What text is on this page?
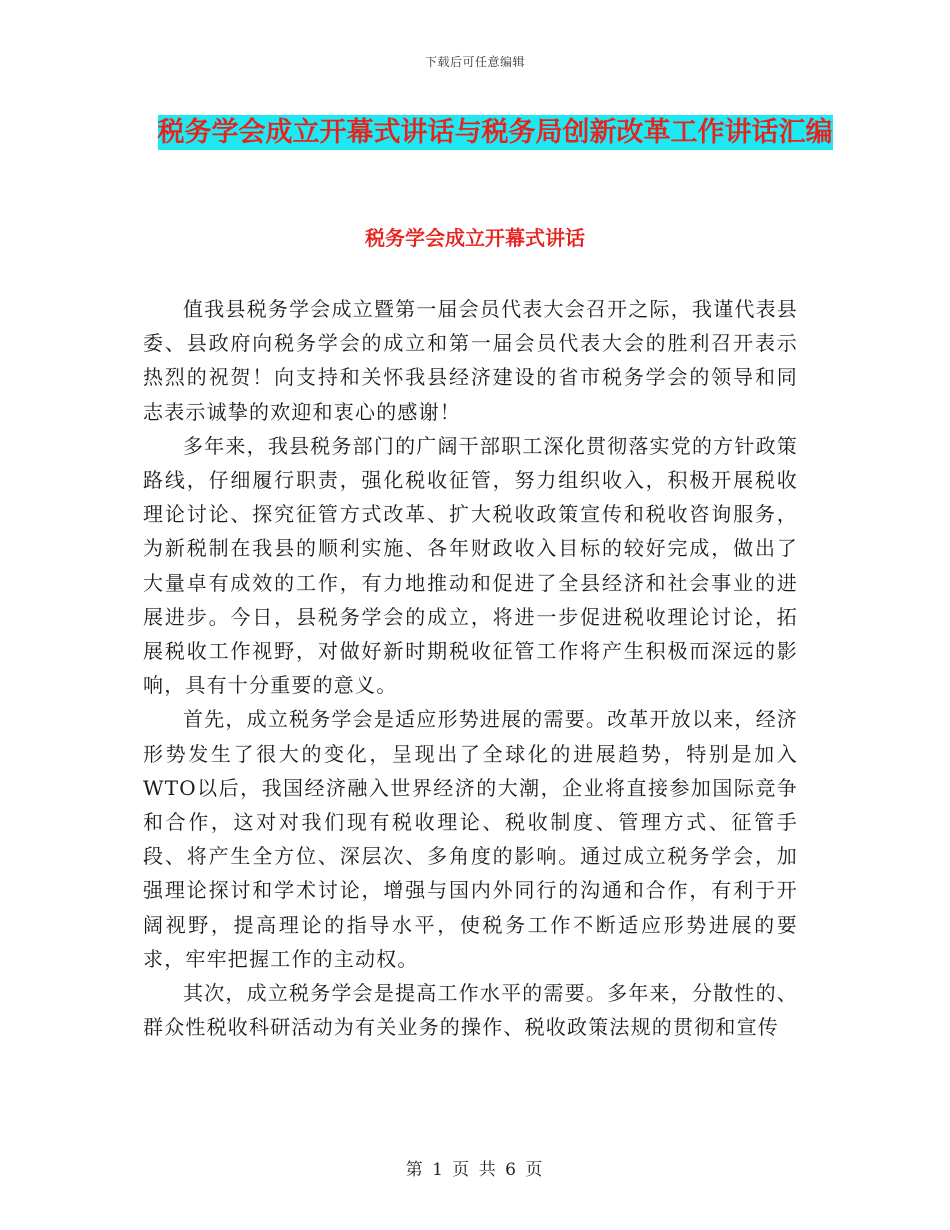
下载后可任意编辑
税务学会成立开幕式讲话与税务局创新改革工作讲话汇编
税务学会成立开幕式讲话

值我县税务学会成立暨第一届会员代表大会召开之际，我谨代表县委、县政府向税务学会的成立和第一届会员代表大会的胜利召开表示热烈的祝贺！向支持和关怀我县经济建设的省市税务学会的领导和同志表示诚挚的欢迎和衷心的感谢！

多年来，我县税务部门的广阔干部职工深化贯彻落实党的方针政策路线，仔细履行职责，强化税收征管，努力组织收入，积极开展税收理论讨论、探究征管方式改革、扩大税收政策宣传和税收咨询服务，为新税制在我县的顺利实施、各年财政收入目标的较好完成，做出了大量卓有成效的工作，有力地推动和促进了全县经济和社会事业的进展进步。今日，县税务学会的成立，将进一步促进税收理论讨论，拓展税收工作视野，对做好新时期税收征管工作将产生积极而深远的影响，具有十分重要的意义。

首先，成立税务学会是适应形势进展的需要。改革开放以来，经济形势发生了很大的变化，呈现出了全球化的进展趋势，特别是加入WTO以后，我国经济融入世界经济的大潮，企业将直接参加国际竞争和合作，这对对我们现有税收理论、税收制度、管理方式、征管手段、将产生全方位、深层次、多角度的影响。通过成立税务学会，加强理论探讨和学术讨论，增强与国内外同行的沟通和合作，有利于开阔视野，提高理论的指导水平，使税务工作不断适应形势进展的要求，牢牢把握工作的主动权。

其次，成立税务学会是提高工作水平的需要。多年来，分散性的、群众性税收科研活动为有关业务的操作、税收政策法规的贯彻和宣传

第 1 页 共 6 页
